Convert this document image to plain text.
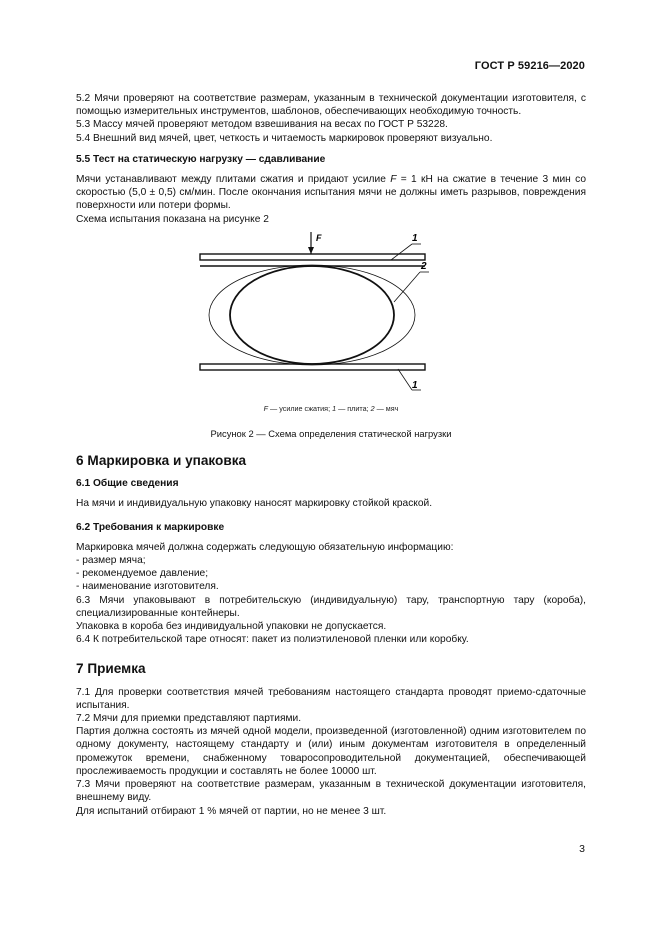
ГОСТ Р 59216—2020

5.2 Мячи проверяют на соответствие размерам, указанным в технической документации изготовителя, с помощью измерительных инструментов, шаблонов, обеспечивающих необходимую точность.

5.3 Массу мячей проверяют методом взвешивания на весах по ГОСТ Р 53228.

5.4 Внешний вид мячей, цвет, четкость и читаемость маркировок проверяют визуально.

5.5 Тест на статическую нагрузку — сдавливание

Мячи устанавливают между плитами сжатия и придают усилие F = 1 кН на сжатие в течение 3 мин со скоростью (5,0 ± 0,5) см/мин. После окончания испытания мячи не должны иметь разрывов, повреждения поверхности или потери формы.

Схема испытания показана на рисунке 2

F	1
2
1
F — усилие сжатия; 1 — плита; 2 — мяч

Рисунок 2 — Схема определения статической нагрузки

6 Маркировка и упаковка

6.1 Общие сведения

На мячи и индивидуальную упаковку наносят маркировку стойкой краской.

6.2 Требования к маркировке

Маркировка мячей должна содержать следующую обязательную информацию:

- размер мяча;

- рекомендуемое давление;

- наименование изготовителя.

6.3 Мячи упаковывают в потребительскую (индивидуальную) тару, транспортную тару (короба), специализированные контейнеры.

Упаковка в короба без индивидуальной упаковки не допускается.

6.4 К потребительской таре относят: пакет из полиэтиленовой пленки или коробку.

7 Приемка

7.1 Для проверки соответствия мячей требованиям настоящего стандарта проводят приемо-сдаточные испытания.

7.2 Мячи для приемки представляют партиями.

Партия должна состоять из мячей одной модели, произведенной (изготовленной) одним изготовителем по одному документу, настоящему стандарту и (или) иным документам изготовителя в определенный промежуток времени, снабженному товаросопроводительной документацией, обеспечивающей прослеживаемость продукции и составлять не более 10000 шт.

7.3 Мячи проверяют на соответствие размерам, указанным в технической документации изготовителя, внешнему виду.

Для испытаний отбирают 1 % мячей от партии, но не менее 3 шт.

3
